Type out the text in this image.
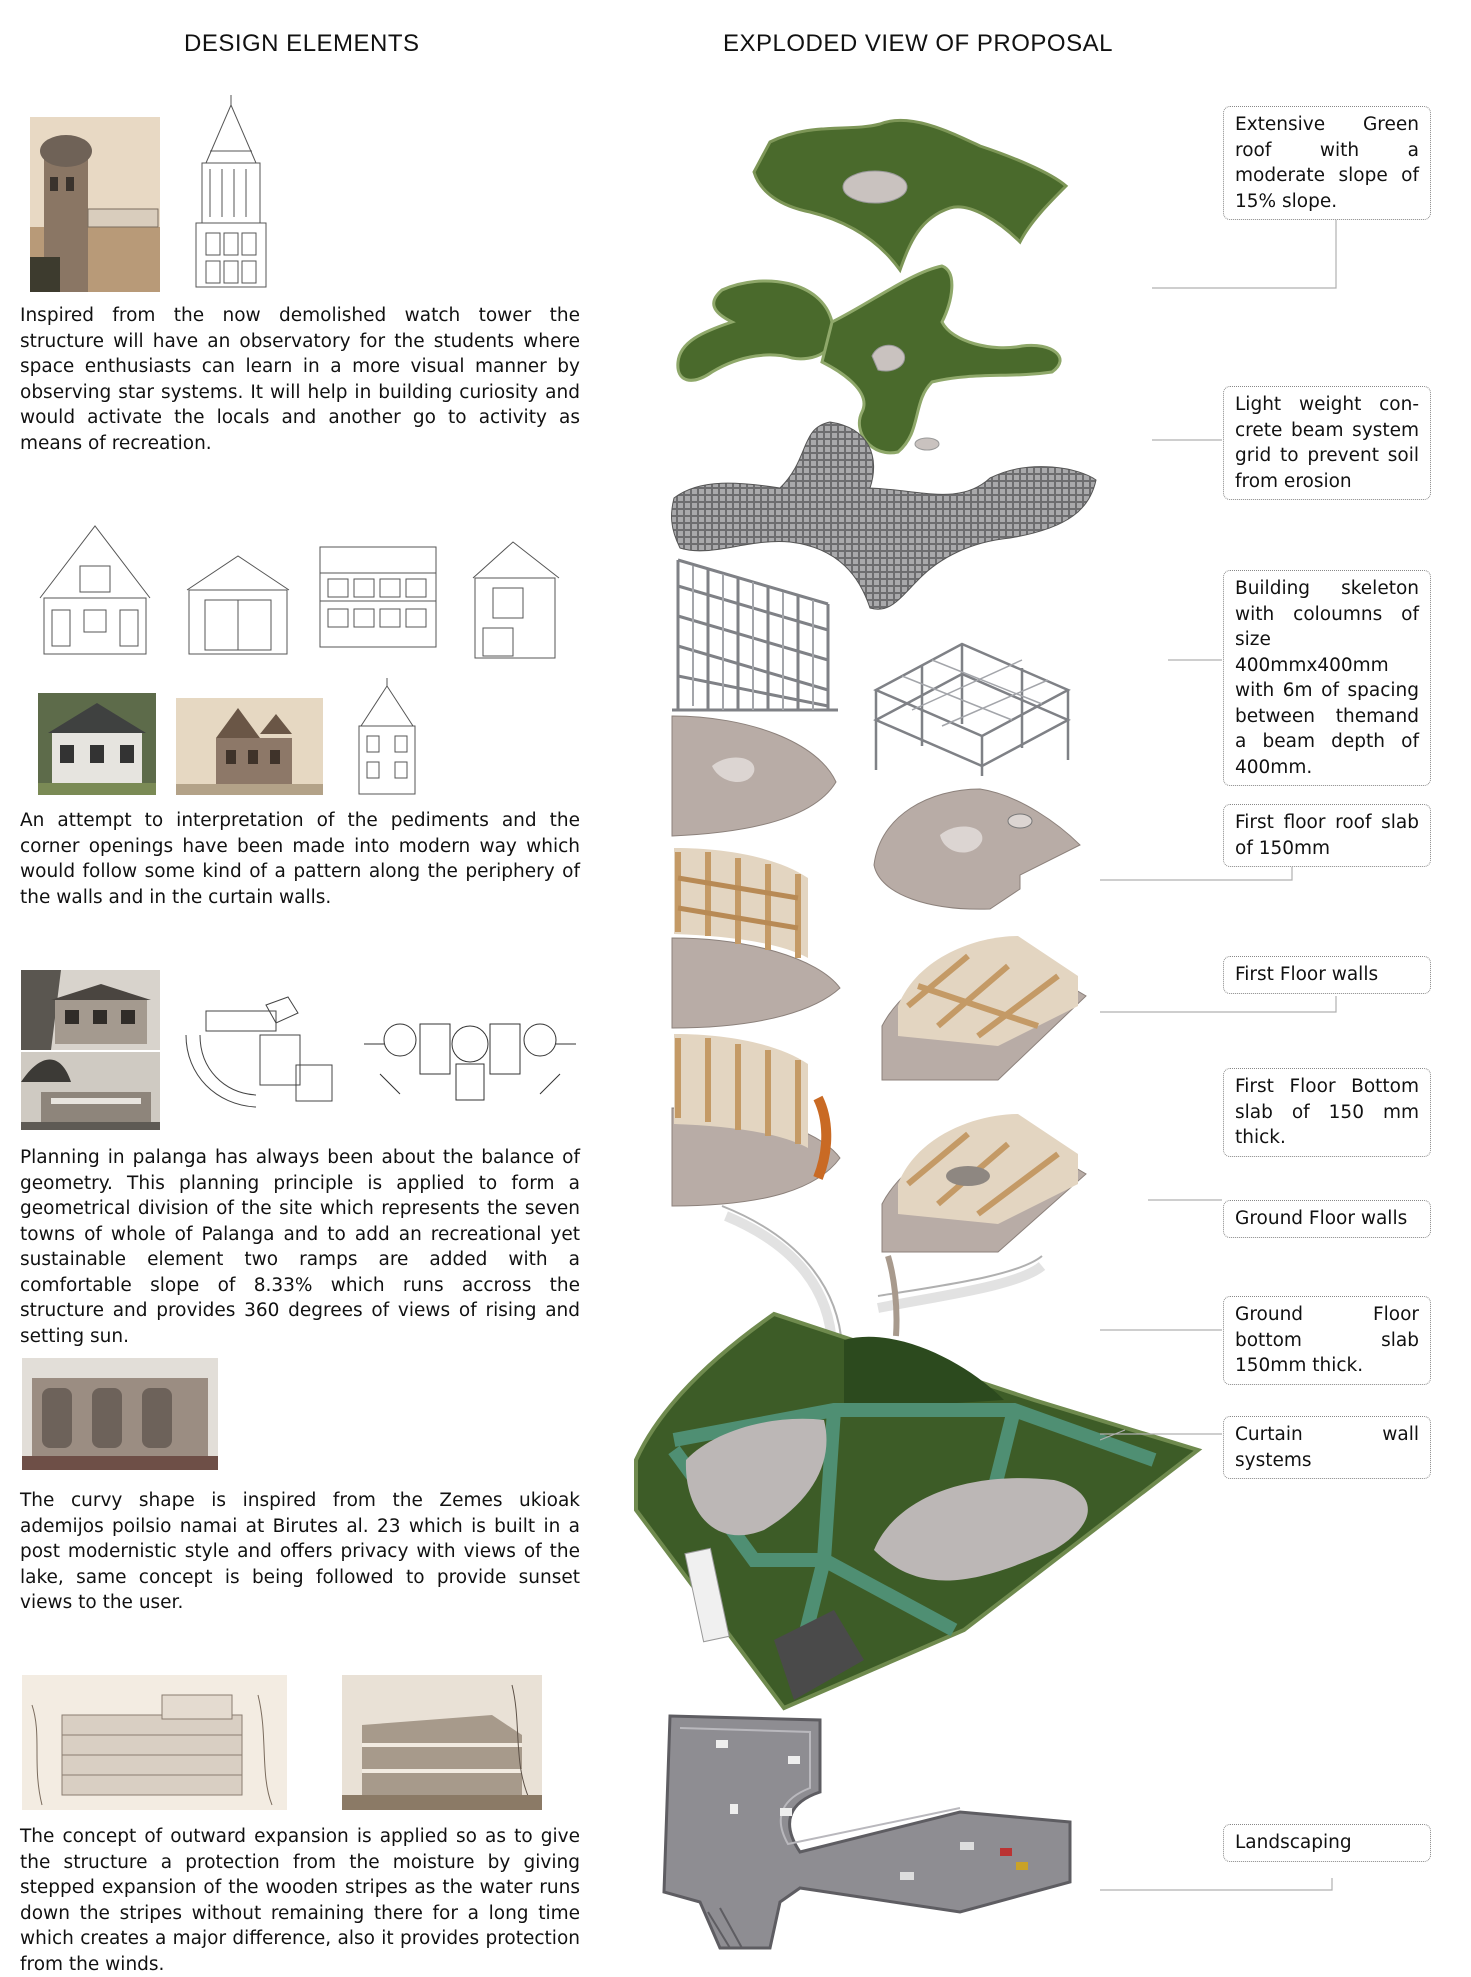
DESIGN ELEMENTS	EXPLODED VIEW OF PROPOSAL
Inspired from the now demolished watch tower the structure will have an observatory for the students where space enthusiasts can learn in a more visual manner by observing star systems. It will help in building curiosity and would activate the locals and another go to activity as means of recreation.
An attempt to interpretation of the pediments and the corner openings have been made into modern way which would follow some kind of a pattern along the periphery of the walls and in the curtain walls.
Planning in palanga has always been about the balance of geometry. This planning principle is applied to form a geometrical division of the site which represents the seven towns of whole of Palanga and to add an recreational yet sustainable element two ramps are added with a comfortable slope of 8.33% which runs accross the structure and provides 360 degrees of views of rising and setting sun.
The curvy shape is inspired from the Zemes ukioak ademijos poilsio namai at Birutes al. 23 which is built in a post modernistic style and offers privacy with views of the lake, same concept is being followed to provide sunset views to the user.
The concept of outward expansion is applied so as to give the structure a protection from the moisture by giving stepped expansion of the wooden stripes as the water runs down the stripes without remaining there for a long time which creates a major difference, also it provides protection from the winds.
Extensive Green roof with a moderate slope of 15% slope.
Light weight con-crete beam system grid to prevent soil from erosion
Building skeleton with coloumns of size 400mmx400mm with 6m of spacing between themand a beam depth of 400mm.
First floor roof slab of 150mm
First Floor walls
First Floor Bottom slab of 150 mm thick.
Ground Floor walls
Ground Floor bottom slab 150mm thick.
Curtain wall systems
Landscaping
